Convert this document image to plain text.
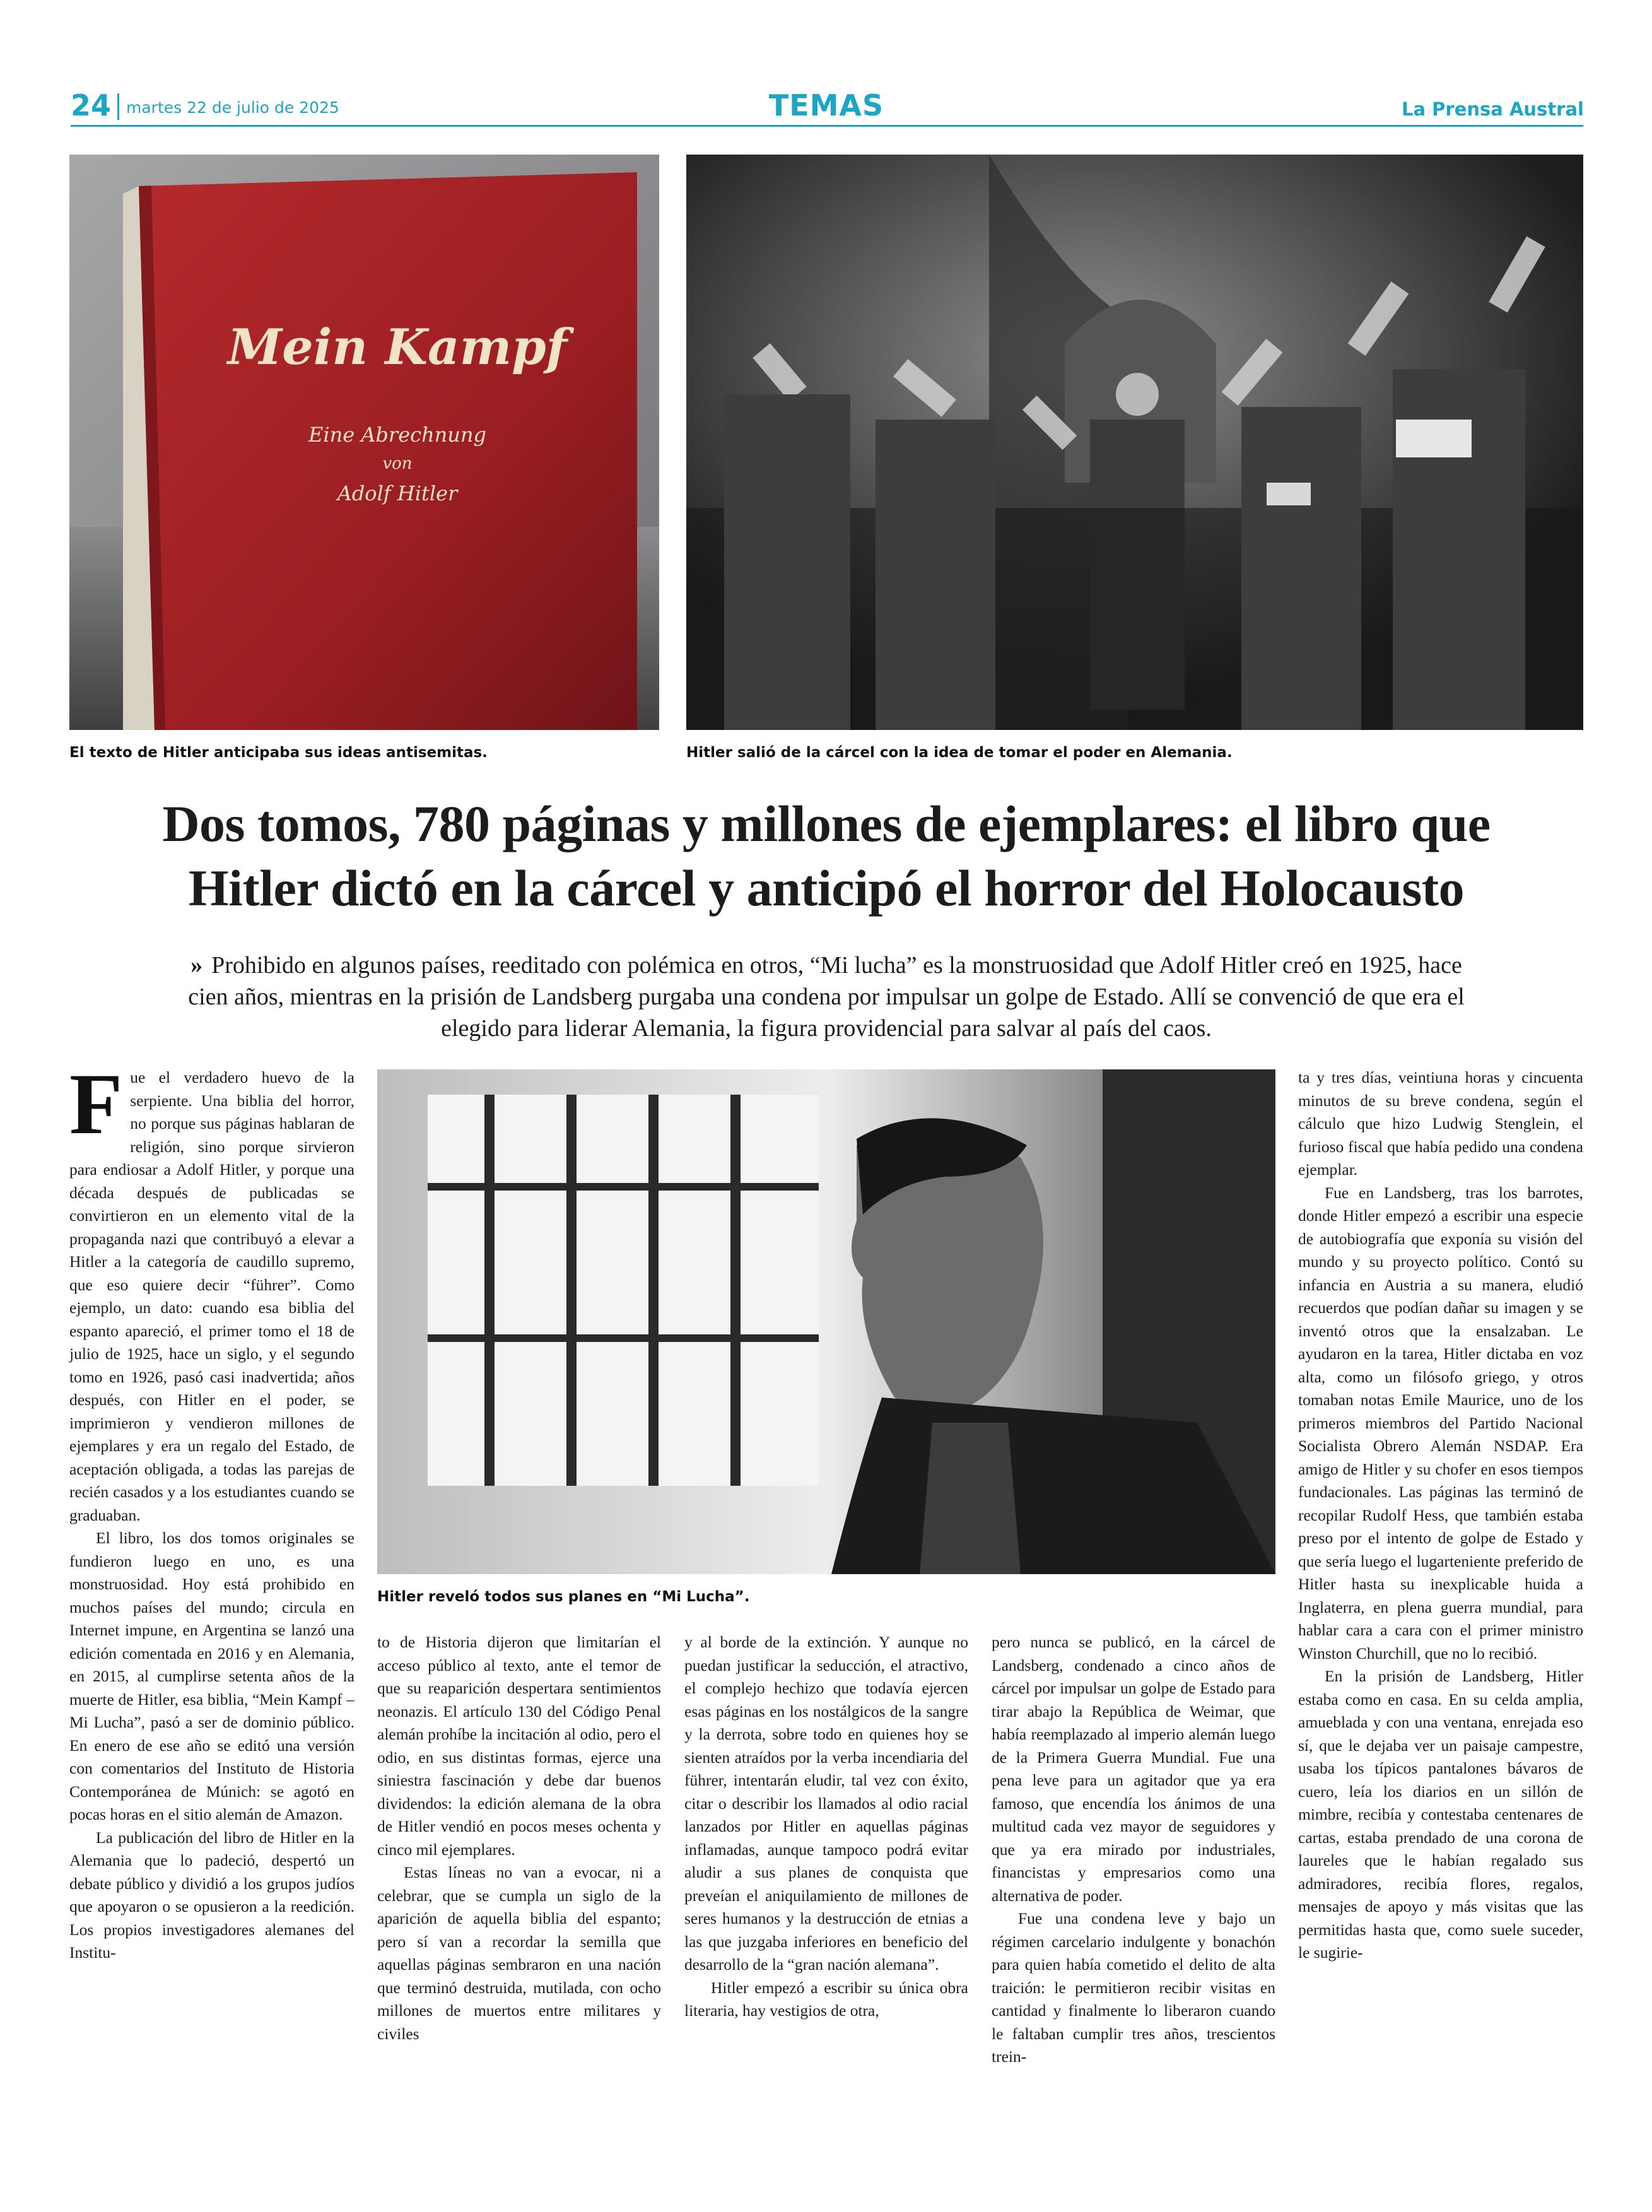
24 martes 22 de julio de 2025	TEMAS	La Prensa Austral
Mein Kampf
Eine Abrechnung
von
Adolf Hitler
El texto de Hitler anticipaba sus ideas antisemitas.	Hitler salió de la cárcel con la idea de tomar el poder en Alemania.
Dos tomos, 780 páginas y millones de ejemplares: el libro que
Hitler dictó en la cárcel y anticipó el horror del Holocausto
» Prohibido en algunos países, reeditado con polémica en otros, “Mi lucha” es la monstruosidad que Adolf Hitler creó en 1925, hace cien años, mientras en la prisión de Landsberg purgaba una condena por impulsar un golpe de Estado. Allí se convenció de que era el elegido para liderar Alemania, la figura providencial para salvar al país del caos.

Fue el verdadero huevo de la serpiente. Una biblia del horror, no porque sus páginas hablaran de religión, sino porque sirvieron para endiosar a Adolf Hitler, y porque una década después de publicadas se convirtieron en un elemento vital de la propaganda nazi que contribuyó a elevar a Hitler a la categoría de caudillo supremo, que eso quiere decir “führer”. Como ejemplo, un dato: cuando esa biblia del espanto apareció, el primer tomo el 18 de julio de 1925, hace un siglo, y el segundo tomo en 1926, pasó casi inadvertida; años después, con Hitler en el poder, se imprimieron y vendieron millones de ejemplares y era un regalo del Estado, de aceptación obligada, a todas las parejas de recién casados y a los estudiantes cuando se graduaban.

El libro, los dos tomos originales se fundieron luego en uno, es una monstruosidad. Hoy está prohibido en muchos países del mundo; circula en Internet impune, en Argentina se lanzó una edición comentada en 2016 y en Alemania, en 2015, al cumplirse setenta años de la muerte de Hitler, esa biblia, “Mein Kampf – Mi Lucha”, pasó a ser de dominio público. En enero de ese año se editó una versión con comentarios del Instituto de Historia Contemporánea de Múnich: se agotó en pocas horas en el sitio alemán de Amazon.

La publicación del libro de Hitler en la Alemania que lo padeció, despertó un debate público y dividió a los grupos judíos que apoyaron o se opusieron a la reedición. Los propios investigadores alemanes del Institu-

Hitler reveló todos sus planes en “Mi Lucha”.

to de Historia dijeron que limitarían el acceso público al texto, ante el temor de que su reaparición despertara sentimientos neonazis. El artículo 130 del Código Penal alemán prohíbe la incitación al odio, pero el odio, en sus distintas formas, ejerce una siniestra fascinación y debe dar buenos dividendos: la edición alemana de la obra de Hitler vendió en pocos meses ochenta y cinco mil ejemplares.

Estas líneas no van a evocar, ni a celebrar, que se cumpla un siglo de la aparición de aquella biblia del espanto; pero sí van a recordar la semilla que aquellas páginas sembraron en una nación que terminó destruida, mutilada, con ocho millones de muertos entre militares y civiles

y al borde de la extinción. Y aunque no puedan justificar la seducción, el atractivo, el complejo hechizo que todavía ejercen esas páginas en los nostálgicos de la sangre y la derrota, sobre todo en quienes hoy se sienten atraídos por la verba incendiaria del führer, intentarán eludir, tal vez con éxito, citar o describir los llamados al odio racial lanzados por Hitler en aquellas páginas inflamadas, aunque tampoco podrá evitar aludir a sus planes de conquista que preveían el aniquilamiento de millones de seres humanos y la destrucción de etnias a las que juzgaba inferiores en beneficio del desarrollo de la “gran nación alemana”.

Hitler empezó a escribir su única obra literaria, hay vestigios de otra,

pero nunca se publicó, en la cárcel de Landsberg, condenado a cinco años de cárcel por impulsar un golpe de Estado para tirar abajo la República de Weimar, que había reemplazado al imperio alemán luego de la Primera Guerra Mundial. Fue una pena leve para un agitador que ya era famoso, que encendía los ánimos de una multitud cada vez mayor de seguidores y que ya era mirado por industriales, financistas y empresarios como una alternativa de poder.

Fue una condena leve y bajo un régimen carcelario indulgente y bonachón para quien había cometido el delito de alta traición: le permitieron recibir visitas en cantidad y finalmente lo liberaron cuando le faltaban cumplir tres años, trescientos trein-

ta y tres días, veintiuna horas y cincuenta minutos de su breve condena, según el cálculo que hizo Ludwig Stenglein, el furioso fiscal que había pedido una condena ejemplar.

Fue en Landsberg, tras los barrotes, donde Hitler empezó a escribir una especie de autobiografía que exponía su visión del mundo y su proyecto político. Contó su infancia en Austria a su manera, eludió recuerdos que podían dañar su imagen y se inventó otros que la ensalzaban. Le ayudaron en la tarea, Hitler dictaba en voz alta, como un filósofo griego, y otros tomaban notas Emile Maurice, uno de los primeros miembros del Partido Nacional Socialista Obrero Alemán NSDAP. Era amigo de Hitler y su chofer en esos tiempos fundacionales. Las páginas las terminó de recopilar Rudolf Hess, que también estaba preso por el intento de golpe de Estado y que sería luego el lugarteniente preferido de Hitler hasta su inexplicable huida a Inglaterra, en plena guerra mundial, para hablar cara a cara con el primer ministro Winston Churchill, que no lo recibió.

En la prisión de Landsberg, Hitler estaba como en casa. En su celda amplia, amueblada y con una ventana, enrejada eso sí, que le dejaba ver un paisaje campestre, usaba los típicos pantalones bávaros de cuero, leía los diarios en un sillón de mimbre, recibía y contestaba centenares de cartas, estaba prendado de una corona de laureles que le habían regalado sus admiradores, recibía flores, regalos, mensajes de apoyo y más visitas que las permitidas hasta que, como suele suceder, le sugirie-
